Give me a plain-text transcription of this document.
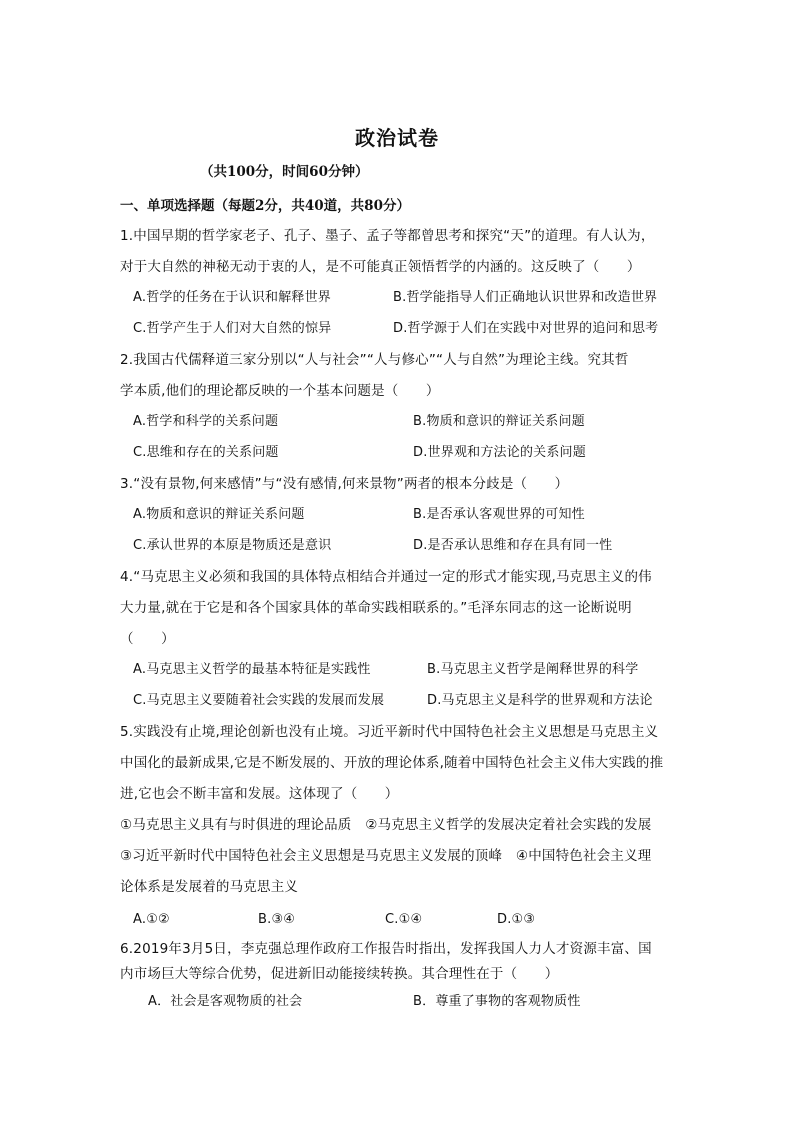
政治试卷
（共100分，时间60分钟）
一、单项选择题（每题2分，共40道，共80分）
1.中国早期的哲学家老子、孔子、墨子、孟子等都曾思考和探究“天”的道理。有人认为，
对于大自然的神秘无动于衷的人，是不可能真正领悟哲学的内涵的。这反映了（　　）
A.哲学的任务在于认识和解释世界	B.哲学能指导人们正确地认识世界和改造世界
C.哲学产生于人们对大自然的惊异	D.哲学源于人们在实践中对世界的追问和思考
2.我国古代儒释道三家分别以“人与社会”“人与修心”“人与自然”为理论主线。究其哲
学本质,他们的理论都反映的一个基本问题是（　　）
A.哲学和科学的关系问题	B.物质和意识的辩证关系问题
C.思维和存在的关系问题	D.世界观和方法论的关系问题
3.“没有景物,何来感情”与“没有感情,何来景物”两者的根本分歧是（　　）
A.物质和意识的辩证关系问题	B.是否承认客观世界的可知性
C.承认世界的本原是物质还是意识	D.是否承认思维和存在具有同一性
4.“马克思主义必须和我国的具体特点相结合并通过一定的形式才能实现,马克思主义的伟
大力量,就在于它是和各个国家具体的革命实践相联系的。”毛泽东同志的这一论断说明
（　　）
A.马克思主义哲学的最基本特征是实践性	B.马克思主义哲学是阐释世界的科学
C.马克思主义要随着社会实践的发展而发展	D.马克思主义是科学的世界观和方法论
5.实践没有止境,理论创新也没有止境。习近平新时代中国特色社会主义思想是马克思主义
中国化的最新成果,它是不断发展的、开放的理论体系,随着中国特色社会主义伟大实践的推
进,它也会不断丰富和发展。这体现了（　　）
①马克思主义具有与时俱进的理论品质　②马克思主义哲学的发展决定着社会实践的发展
③习近平新时代中国特色社会主义思想是马克思主义发展的顶峰　④中国特色社会主义理
论体系是发展着的马克思主义
A.①②	B.③④	C.①④	D.①③
6.2019年3月5日，李克强总理作政府工作报告时指出，发挥我国人力人才资源丰富、国
内市场巨大等综合优势，促进新旧动能接续转换。其合理性在于（　　）
A．社会是客观物质的社会	B．尊重了事物的客观物质性
